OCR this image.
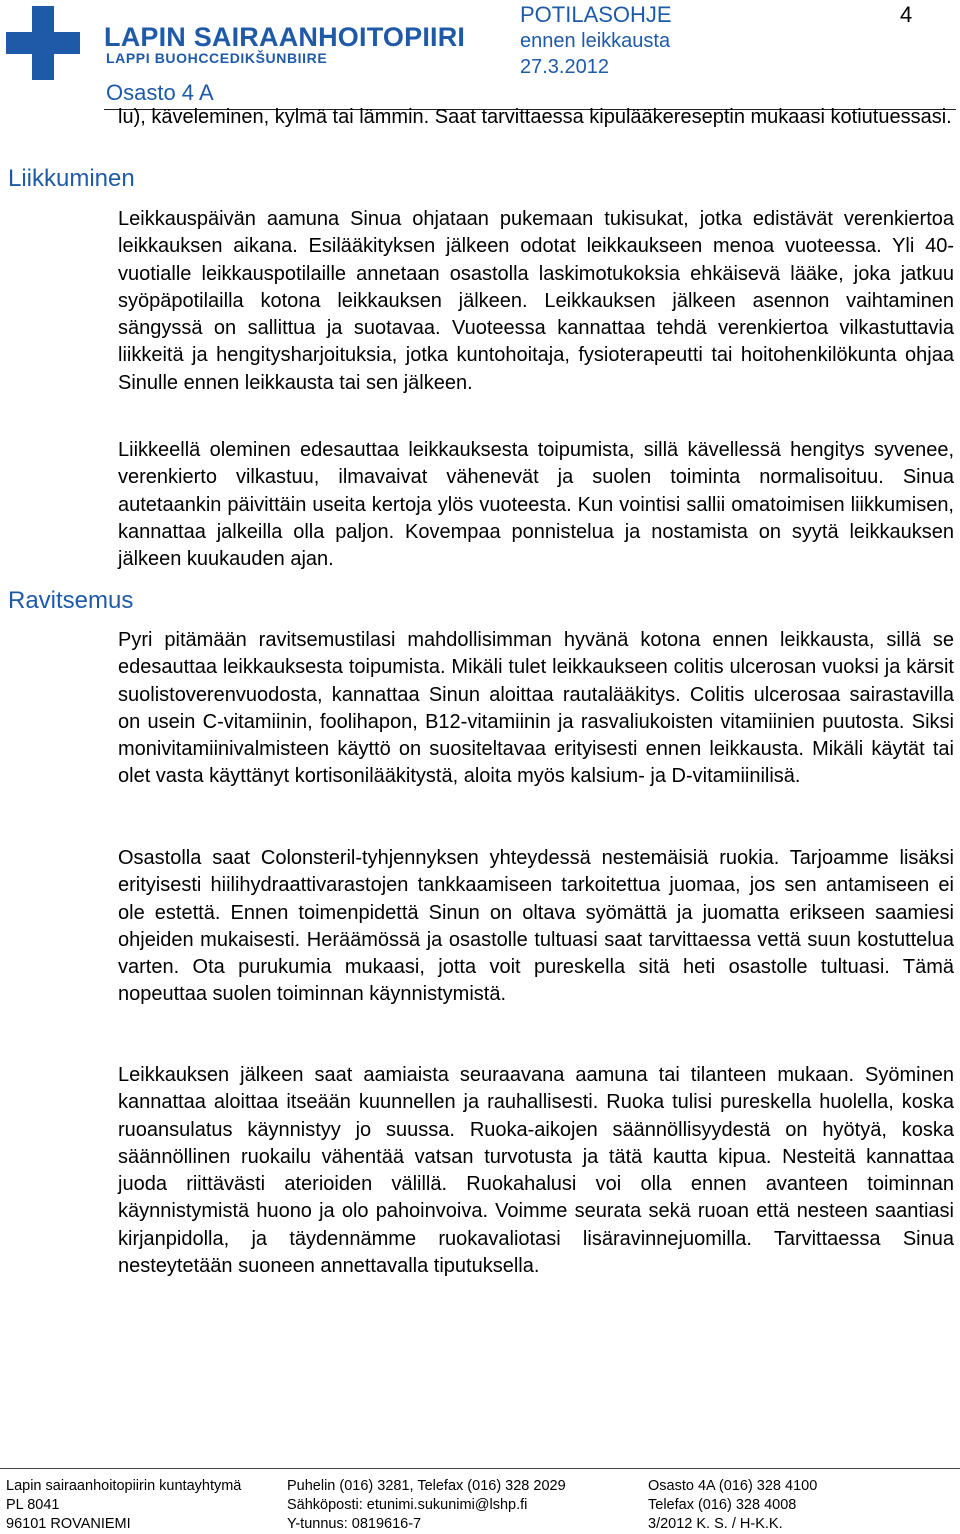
LAPIN SAIRAANHOITOPIIRI
LAPPI BUOHCCEDIKŠUNBIIRE
POTILASOHJE
ennen leikkausta
27.3.2012
4
Osasto 4 A
Liikkuminen
Ravitsemus
lu), käveleminen, kylmä tai lämmin. Saat tarvittaessa kipulääkereseptin mukaasi kotiutuessasi.
Leikkauspäivän aamuna Sinua ohjataan pukemaan tukisukat, jotka edistävät verenkiertoa leikkauksen aikana. Esilääkityksen jälkeen odotat leikkaukseen menoa vuoteessa. Yli 40-vuotialle leikkauspotilaille annetaan osastolla laskimotukoksia ehkäisevä lääke, joka jatkuu syöpäpotilailla kotona leikkauksen jälkeen. Leikkauksen jälkeen asennon vaihtaminen sängyssä on sallittua ja suotavaa. Vuoteessa kannattaa tehdä verenkiertoa vilkastuttavia liikkeitä ja hengitysharjoituksia, jotka kuntohoitaja, fysioterapeutti tai hoitohenkilökunta ohjaa Sinulle ennen leikkausta tai sen jälkeen.
Liikkeellä oleminen edesauttaa leikkauksesta toipumista, sillä kävellessä hengitys syvenee, verenkierto vilkastuu, ilmavaivat vähenevät ja suolen toiminta normalisoituu. Sinua autetaankin päivittäin useita kertoja ylös vuoteesta. Kun vointisi sallii omatoimisen liikkumisen, kannattaa jalkeilla olla paljon. Kovempaa ponnistelua ja nostamista on syytä leikkauksen jälkeen kuukauden ajan.
Pyri pitämään ravitsemustilasi mahdollisimman hyvänä kotona ennen leikkausta, sillä se edesauttaa leikkauksesta toipumista. Mikäli tulet leikkaukseen colitis ulcerosan vuoksi ja kärsit suolistoverenvuodosta, kannattaa Sinun aloittaa rautalääkitys. Colitis ulcerosaa sairastavilla on usein C-vitamiinin, foolihapon, B12-vitamiinin ja rasvaliukoisten vitamiinien puutosta. Siksi monivitamiinivalmisteen käyttö on suositeltavaa erityisesti ennen leikkausta. Mikäli käytät tai olet vasta käyttänyt kortisonilääkitystä, aloita myös kalsium- ja D-vitamiinilisä.
Osastolla saat Colonsteril-tyhjennyksen yhteydessä nestemäisiä ruokia. Tarjoamme lisäksi erityisesti hiilihydraattivarastojen tankkaamiseen tarkoitettua juomaa, jos sen antamiseen ei ole estettä. Ennen toimenpidettä Sinun on oltava syömättä ja juomatta erikseen saamiesi ohjeiden mukaisesti. Heräämössä ja osastolle tultuasi saat tarvittaessa vettä suun kostuttelua varten. Ota purukumia mukaasi, jotta voit pureskella sitä heti osastolle tultuasi. Tämä nopeuttaa suolen toiminnan käynnistymistä.
Leikkauksen jälkeen saat aamiaista seuraavana aamuna tai tilanteen mukaan. Syöminen kannattaa aloittaa itseään kuunnellen ja rauhallisesti. Ruoka tulisi pureskella huolella, koska ruoansulatus käynnistyy jo suussa. Ruoka-aikojen säännöllisyydestä on hyötyä, koska säännöllinen ruokailu vähentää vatsan turvotusta ja tätä kautta kipua. Nesteitä kannattaa juoda riittävästi aterioiden välillä. Ruokahalusi voi olla ennen avanteen toiminnan käynnistymistä huono ja olo pahoinvoiva. Voimme seurata sekä ruoan että nesteen saantiasi kirjanpidolla, ja täydennämme ruokavaliotasi lisäravinnejuomilla. Tarvittaessa Sinua nesteytetään suoneen annettavalla tiputuksella.
Lapin sairaanhoitopiirin kuntayhtymä
PL 8041
96101 ROVANIEMI
Puhelin (016) 3281, Telefax (016) 328 2029
Sähköposti: etunimi.sukunimi@lshp.fi
Y-tunnus: 0819616-7
Osasto 4A (016) 328 4100
Telefax (016) 328 4008
3/2012 K. S. / H-K.K.
